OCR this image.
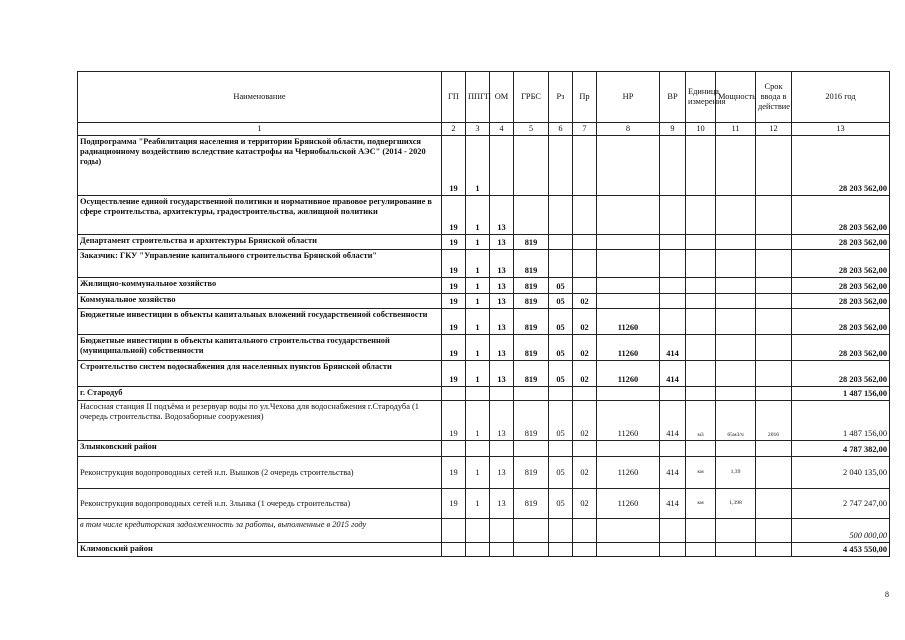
Наименование	ГП	ППГП	ОМ	ГРБС	Рз	Пр	НР	ВР	Единица измерения	Мощность	Срок ввода в действие	2016 год
1	2	3	4	5	6	7	8	9	10	11	12	13
Подпрограмма "Реабилитация населения и территории Брянской области, подвергшихся радиационному воздействию вследствие катастрофы на Чернобыльской АЭС" (2014 - 2020 годы)	19	1										28 203 562,00
Осуществление единой государственной политики и нормативное правовое регулирование в сфере строительства, архитектуры, градостроительства, жилищной политики	19	1	13									28 203 562,00
Департамент строительства и архитектуры Брянской области	19	1	13	819								28 203 562,00
Заказчик: ГКУ "Управление капитального строительства Брянской области"	19	1	13	819								28 203 562,00
Жилищно-коммунальное хозяйство	19	1	13	819	05							28 203 562,00
Коммунальное хозяйство	19	1	13	819	05	02						28 203 562,00
Бюджетные инвестиции в объекты капитальных вложений государственной собственности	19	1	13	819	05	02	11260					28 203 562,00
Бюджетные инвестиции в объекты капитального строительства государственной (муниципальной) собственности	19	1	13	819	05	02	11260	414				28 203 562,00
Строительство систем водоснабжения для населенных пунктов Брянской области	19	1	13	819	05	02	11260	414				28 203 562,00
г. Стародуб												1 487 156,00
Насосная станция II подъёма и резервуар воды по ул.Чехова для водоснабжения г.Стародуба (1 очередь строительства. Водозаборные сооружения)	19	1	13	819	05	02	11260	414	м3	65м3/ч	2016	1 487 156,00
Злынковский район												4 787 382,00
Реконструкция водопроводных сетей н.п. Вышков (2 очередь строительства)	19	1	13	819	05	02	11260	414	км	1,39		2 040 135,00
Реконструкция водопроводных сетей н.п. Злынка (1 очередь строительства)	19	1	13	819	05	02	11260	414	км	1,398		2 747 247,00
в том числе кредиторская задолженность за работы, выполненные в 2015 году												500 000,00
Климовский район												4 453 550,00
8
